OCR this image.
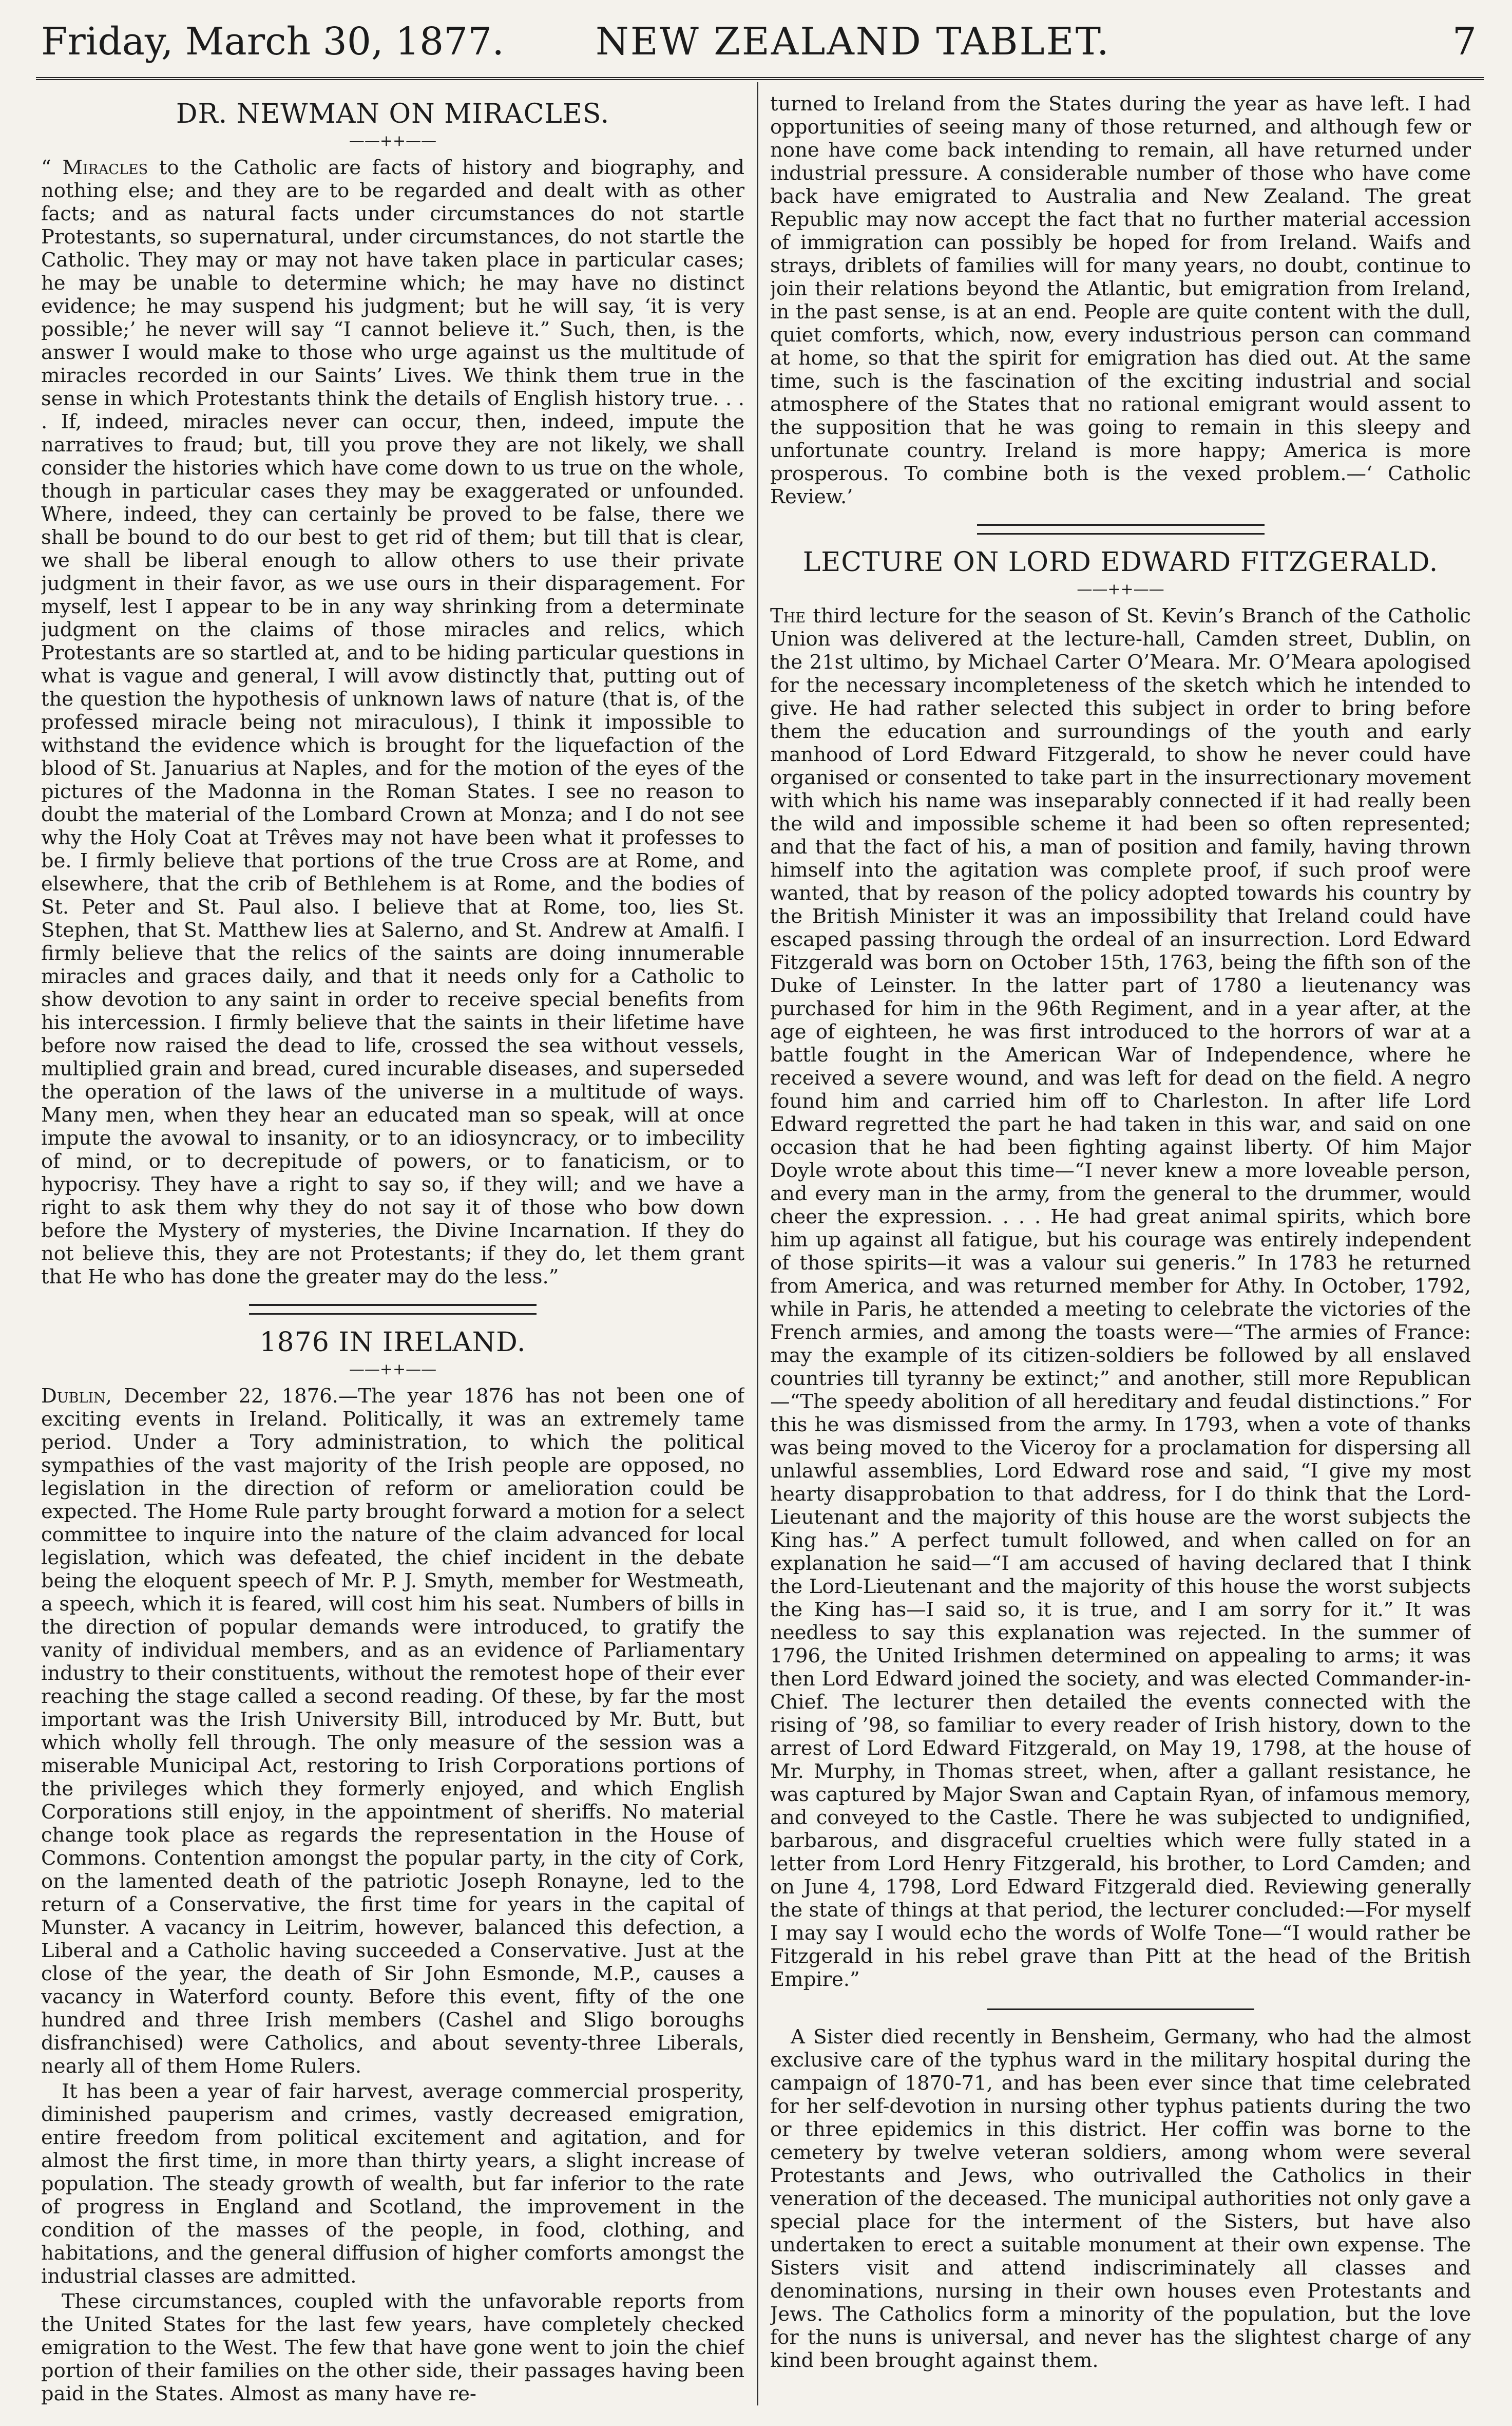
Friday, March 30, 1877. NEW ZEALAND TABLET.	7
DR. NEWMAN ON MIRACLES.
——++——

“ Miracles to the Catholic are facts of history and biography, and nothing else; and they are to be regarded and dealt with as other facts; and as natural facts under circumstances do not startle Protestants, so supernatural, under circumstances, do not startle the Catholic. They may or may not have taken place in particular cases; he may be unable to determine which; he may have no distinct evidence; he may suspend his judgment; but he will say, ‘it is very possible;’ he never will say “I cannot believe it.” Such, then, is the answer I would make to those who urge against us the multitude of miracles recorded in our Saints’ Lives. We think them true in the sense in which Protestants think the details of English history true. . . . If, indeed, miracles never can occur, then, indeed, impute the narratives to fraud; but, till you prove they are not likely, we shall consider the histories which have come down to us true on the whole, though in particular cases they may be exaggerated or unfounded. Where, indeed, they can certainly be proved to be false, there we shall be bound to do our best to get rid of them; but till that is clear, we shall be liberal enough to allow others to use their private judgment in their favor, as we use ours in their disparagement. For myself, lest I appear to be in any way shrinking from a determinate judgment on the claims of those miracles and relics, which Protestants are so startled at, and to be hiding particular questions in what is vague and general, I will avow distinctly that, putting out of the question the hypothesis of unknown laws of nature (that is, of the professed miracle being not miraculous), I think it impossible to withstand the evidence which is brought for the liquefaction of the blood of St. Januarius at Naples, and for the motion of the eyes of the pictures of the Madonna in the Roman States. I see no reason to doubt the material of the Lombard Crown at Monza; and I do not see why the Holy Coat at Trêves may not have been what it professes to be. I firmly believe that portions of the true Cross are at Rome, and elsewhere, that the crib of Bethlehem is at Rome, and the bodies of St. Peter and St. Paul also. I believe that at Rome, too, lies St. Stephen, that St. Matthew lies at Salerno, and St. Andrew at Amalfi. I firmly believe that the relics of the saints are doing innumerable miracles and graces daily, and that it needs only for a Catholic to show devotion to any saint in order to receive special benefits from his intercession. I firmly believe that the saints in their lifetime have before now raised the dead to life, crossed the sea without vessels, multiplied grain and bread, cured incurable diseases, and superseded the operation of the laws of the universe in a multitude of ways. Many men, when they hear an educated man so speak, will at once impute the avowal to insanity, or to an idiosyncracy, or to imbecility of mind, or to decrepitude of powers, or to fanaticism, or to hypocrisy. They have a right to say so, if they will; and we have a right to ask them why they do not say it of those who bow down before the Mystery of mysteries, the Divine Incarnation. If they do not believe this, they are not Protestants; if they do, let them grant that He who has done the greater may do the less.”

1876 IN IRELAND.
——++——

Dublin, December 22, 1876.—The year 1876 has not been one of exciting events in Ireland. Politically, it was an extremely tame period. Under a Tory administration, to which the political sympathies of the vast majority of the Irish people are opposed, no legislation in the direction of reform or amelioration could be expected. The Home Rule party brought forward a motion for a select committee to inquire into the nature of the claim advanced for local legislation, which was defeated, the chief incident in the debate being the eloquent speech of Mr. P. J. Smyth, member for Westmeath, a speech, which it is feared, will cost him his seat. Numbers of bills in the direction of popular demands were introduced, to gratify the vanity of individual members, and as an evidence of Parliamentary industry to their constituents, without the remotest hope of their ever reaching the stage called a second reading. Of these, by far the most important was the Irish University Bill, introduced by Mr. Butt, but which wholly fell through. The only measure of the session was a miserable Municipal Act, restoring to Irish Corporations portions of the privileges which they formerly enjoyed, and which English Corporations still enjoy, in the appointment of sheriffs. No material change took place as regards the representation in the House of Commons. Contention amongst the popular party, in the city of Cork, on the lamented death of the patriotic Joseph Ronayne, led to the return of a Conservative, the first time for years in the capital of Munster. A vacancy in Leitrim, however, balanced this defection, a Liberal and a Catholic having succeeded a Conservative. Just at the close of the year, the death of Sir John Esmonde, M.P., causes a vacancy in Waterford county. Before this event, fifty of the one hundred and three Irish members (Cashel and Sligo boroughs disfranchised) were Catholics, and about seventy-three Liberals, nearly all of them Home Rulers.

It has been a year of fair harvest, average commercial prosperity, diminished pauperism and crimes, vastly decreased emigration, entire freedom from political excitement and agitation, and for almost the first time, in more than thirty years, a slight increase of population. The steady growth of wealth, but far inferior to the rate of progress in England and Scotland, the improvement in the condition of the masses of the people, in food, clothing, and habitations, and the general diffusion of higher comforts amongst the industrial classes are admitted.

These circumstances, coupled with the unfavorable reports from the United States for the last few years, have completely checked emigration to the West. The few that have gone went to join the chief portion of their families on the other side, their passages having been paid in the States. Almost as many have re-

turned to Ireland from the States during the year as have left. I had opportunities of seeing many of those returned, and although few or none have come back intending to remain, all have returned under industrial pressure. A considerable number of those who have come back have emigrated to Australia and New Zealand. The great Republic may now accept the fact that no further material accession of immigration can possibly be hoped for from Ireland. Waifs and strays, driblets of families will for many years, no doubt, continue to join their relations beyond the Atlantic, but emigration from Ireland, in the past sense, is at an end. People are quite content with the dull, quiet comforts, which, now, every industrious person can command at home, so that the spirit for emigration has died out. At the same time, such is the fascination of the exciting industrial and social atmosphere of the States that no rational emigrant would assent to the supposition that he was going to remain in this sleepy and unfortunate country. Ireland is more happy; America is more prosperous. To combine both is the vexed problem.—‘ Catholic Review.’

LECTURE ON LORD EDWARD FITZGERALD.
——++——

The third lecture for the season of St. Kevin’s Branch of the Catholic Union was delivered at the lecture-hall, Camden street, Dublin, on the 21st ultimo, by Michael Carter O’Meara. Mr. O’Meara apologised for the necessary incompleteness of the sketch which he intended to give. He had rather selected this subject in order to bring before them the education and surroundings of the youth and early manhood of Lord Edward Fitzgerald, to show he never could have organised or consented to take part in the insurrectionary movement with which his name was inseparably connected if it had really been the wild and impossible scheme it had been so often represented; and that the fact of his, a man of position and family, having thrown himself into the agitation was complete proof, if such proof were wanted, that by reason of the policy adopted towards his country by the British Minister it was an impossibility that Ireland could have escaped passing through the ordeal of an insurrection. Lord Edward Fitzgerald was born on October 15th, 1763, being the fifth son of the Duke of Leinster. In the latter part of 1780 a lieutenancy was purchased for him in the 96th Regiment, and in a year after, at the age of eighteen, he was first introduced to the horrors of war at a battle fought in the American War of Independence, where he received a severe wound, and was left for dead on the field. A negro found him and carried him off to Charleston. In after life Lord Edward regretted the part he had taken in this war, and said on one occasion that he had been fighting against liberty. Of him Major Doyle wrote about this time—“I never knew a more loveable person, and every man in the army, from the general to the drummer, would cheer the expression. . . . He had great animal spirits, which bore him up against all fatigue, but his courage was entirely independent of those spirits—it was a valour sui generis.” In 1783 he returned from America, and was returned member for Athy. In October, 1792, while in Paris, he attended a meeting to celebrate the victories of the French armies, and among the toasts were—“The armies of France: may the example of its citizen-soldiers be followed by all enslaved countries till tyranny be extinct;” and another, still more Republican—“The speedy abolition of all hereditary and feudal distinctions.” For this he was dismissed from the army. In 1793, when a vote of thanks was being moved to the Viceroy for a proclamation for dispersing all unlawful assemblies, Lord Edward rose and said, “I give my most hearty disapprobation to that address, for I do think that the Lord-Lieutenant and the majority of this house are the worst subjects the King has.” A perfect tumult followed, and when called on for an explanation he said—“I am accused of having declared that I think the Lord-Lieutenant and the majority of this house the worst subjects the King has—I said so, it is true, and I am sorry for it.” It was needless to say this explanation was rejected. In the summer of 1796, the United Irishmen determined on appealing to arms; it was then Lord Edward joined the society, and was elected Commander-in-Chief. The lecturer then detailed the events connected with the rising of ’98, so familiar to every reader of Irish history, down to the arrest of Lord Edward Fitzgerald, on May 19, 1798, at the house of Mr. Murphy, in Thomas street, when, after a gallant resistance, he was captured by Major Swan and Captain Ryan, of infamous memory, and conveyed to the Castle. There he was subjected to undignified, barbarous, and disgraceful cruelties which were fully stated in a letter from Lord Henry Fitzgerald, his brother, to Lord Camden; and on June 4, 1798, Lord Edward Fitzgerald died. Reviewing generally the state of things at that period, the lecturer concluded:—For myself I may say I would echo the words of Wolfe Tone—“I would rather be Fitzgerald in his rebel grave than Pitt at the head of the British Empire.”

A Sister died recently in Bensheim, Germany, who had the almost exclusive care of the typhus ward in the military hospital during the campaign of 1870-71, and has been ever since that time celebrated for her self-devotion in nursing other typhus patients during the two or three epidemics in this district. Her coffin was borne to the cemetery by twelve veteran soldiers, among whom were several Protestants and Jews, who outrivalled the Catholics in their veneration of the deceased. The municipal authorities not only gave a special place for the interment of the Sisters, but have also undertaken to erect a suitable monument at their own expense. The Sisters visit and attend indiscriminately all classes and denominations, nursing in their own houses even Protestants and Jews. The Catholics form a minority of the population, but the love for the nuns is universal, and never has the slightest charge of any kind been brought against them.
